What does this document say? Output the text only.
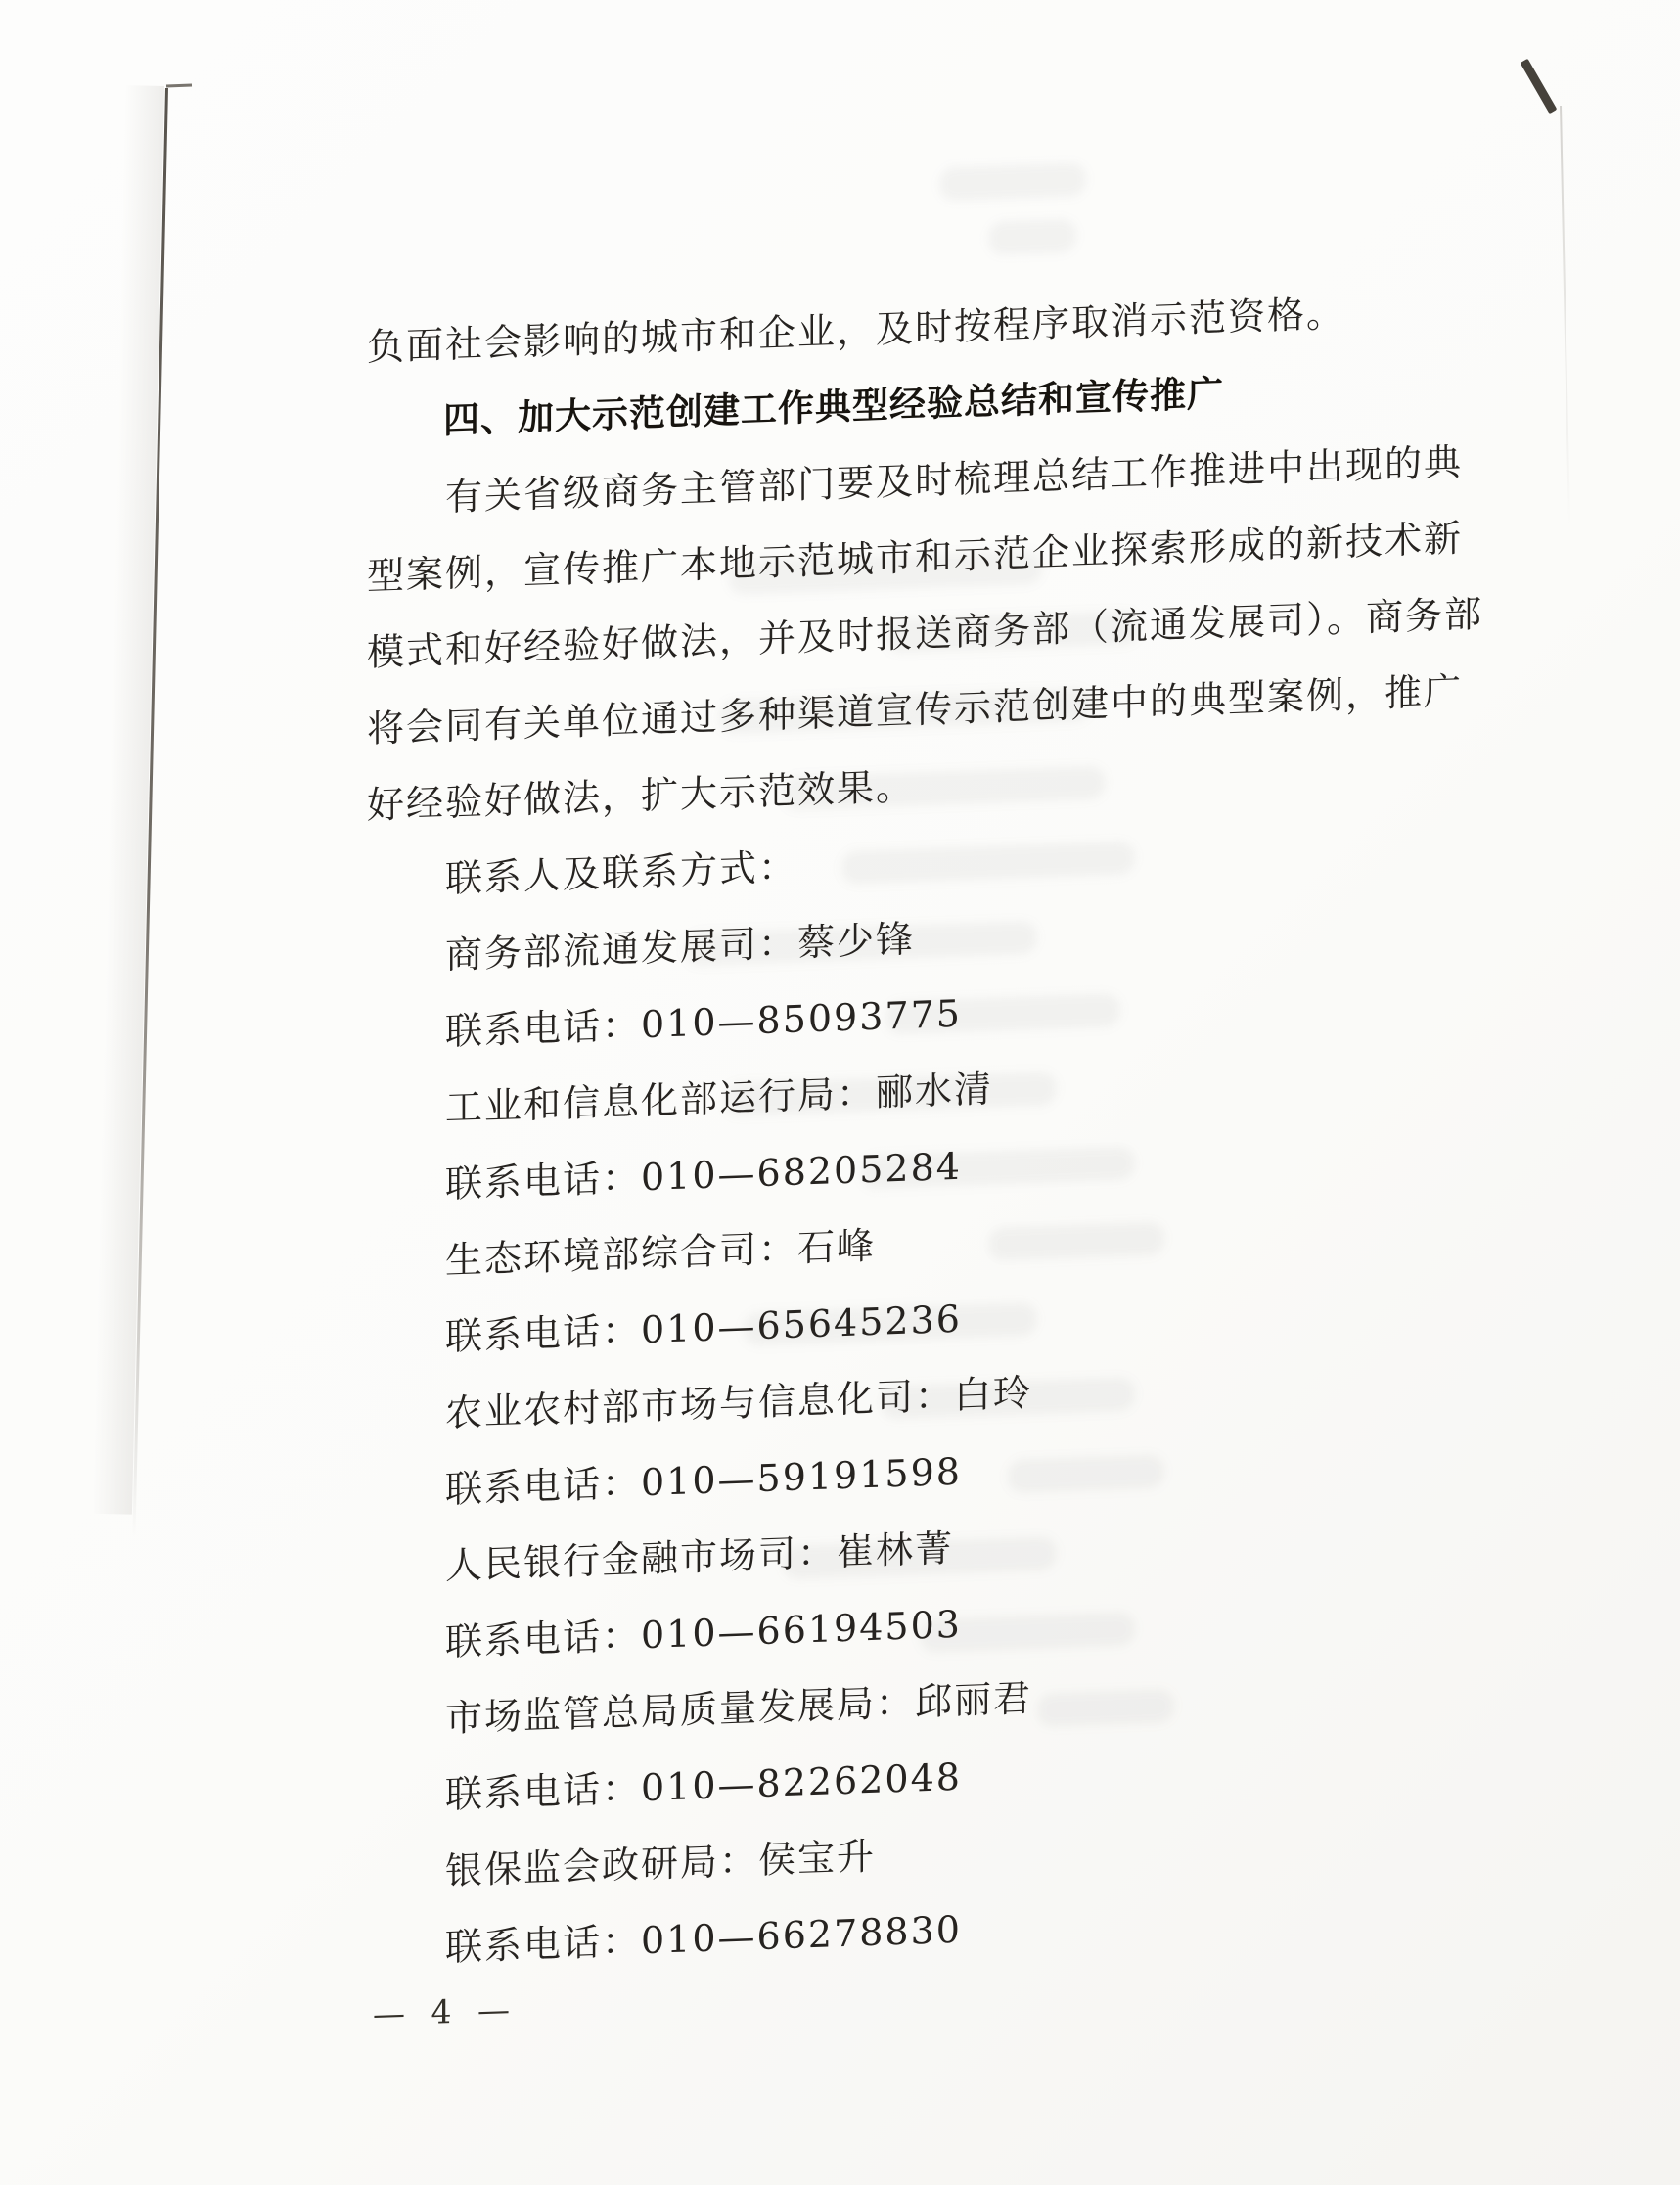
负面社会影响的城市和企业，及时按程序取消示范资格。

四、加大示范创建工作典型经验总结和宣传推广

有关省级商务主管部门要及时梳理总结工作推进中出现的典

型案例，宣传推广本地示范城市和示范企业探索形成的新技术新

模式和好经验好做法，并及时报送商务部（流通发展司）。商务部

将会同有关单位通过多种渠道宣传示范创建中的典型案例，推广

好经验好做法，扩大示范效果。

联系人及联系方式：

商务部流通发展司：蔡少锋

联系电话：010—85093775

工业和信息化部运行局：郦水清

联系电话：010—68205284

生态环境部综合司：石峰

联系电话：010—65645236

农业农村部市场与信息化司：白玲

联系电话：010—59191598

人民银行金融市场司：崔林菁

联系电话：010—66194503

市场监管总局质量发展局：邱丽君

联系电话：010—82262048

银保监会政研局：侯宝升

联系电话：010—66278830

— 4 —
